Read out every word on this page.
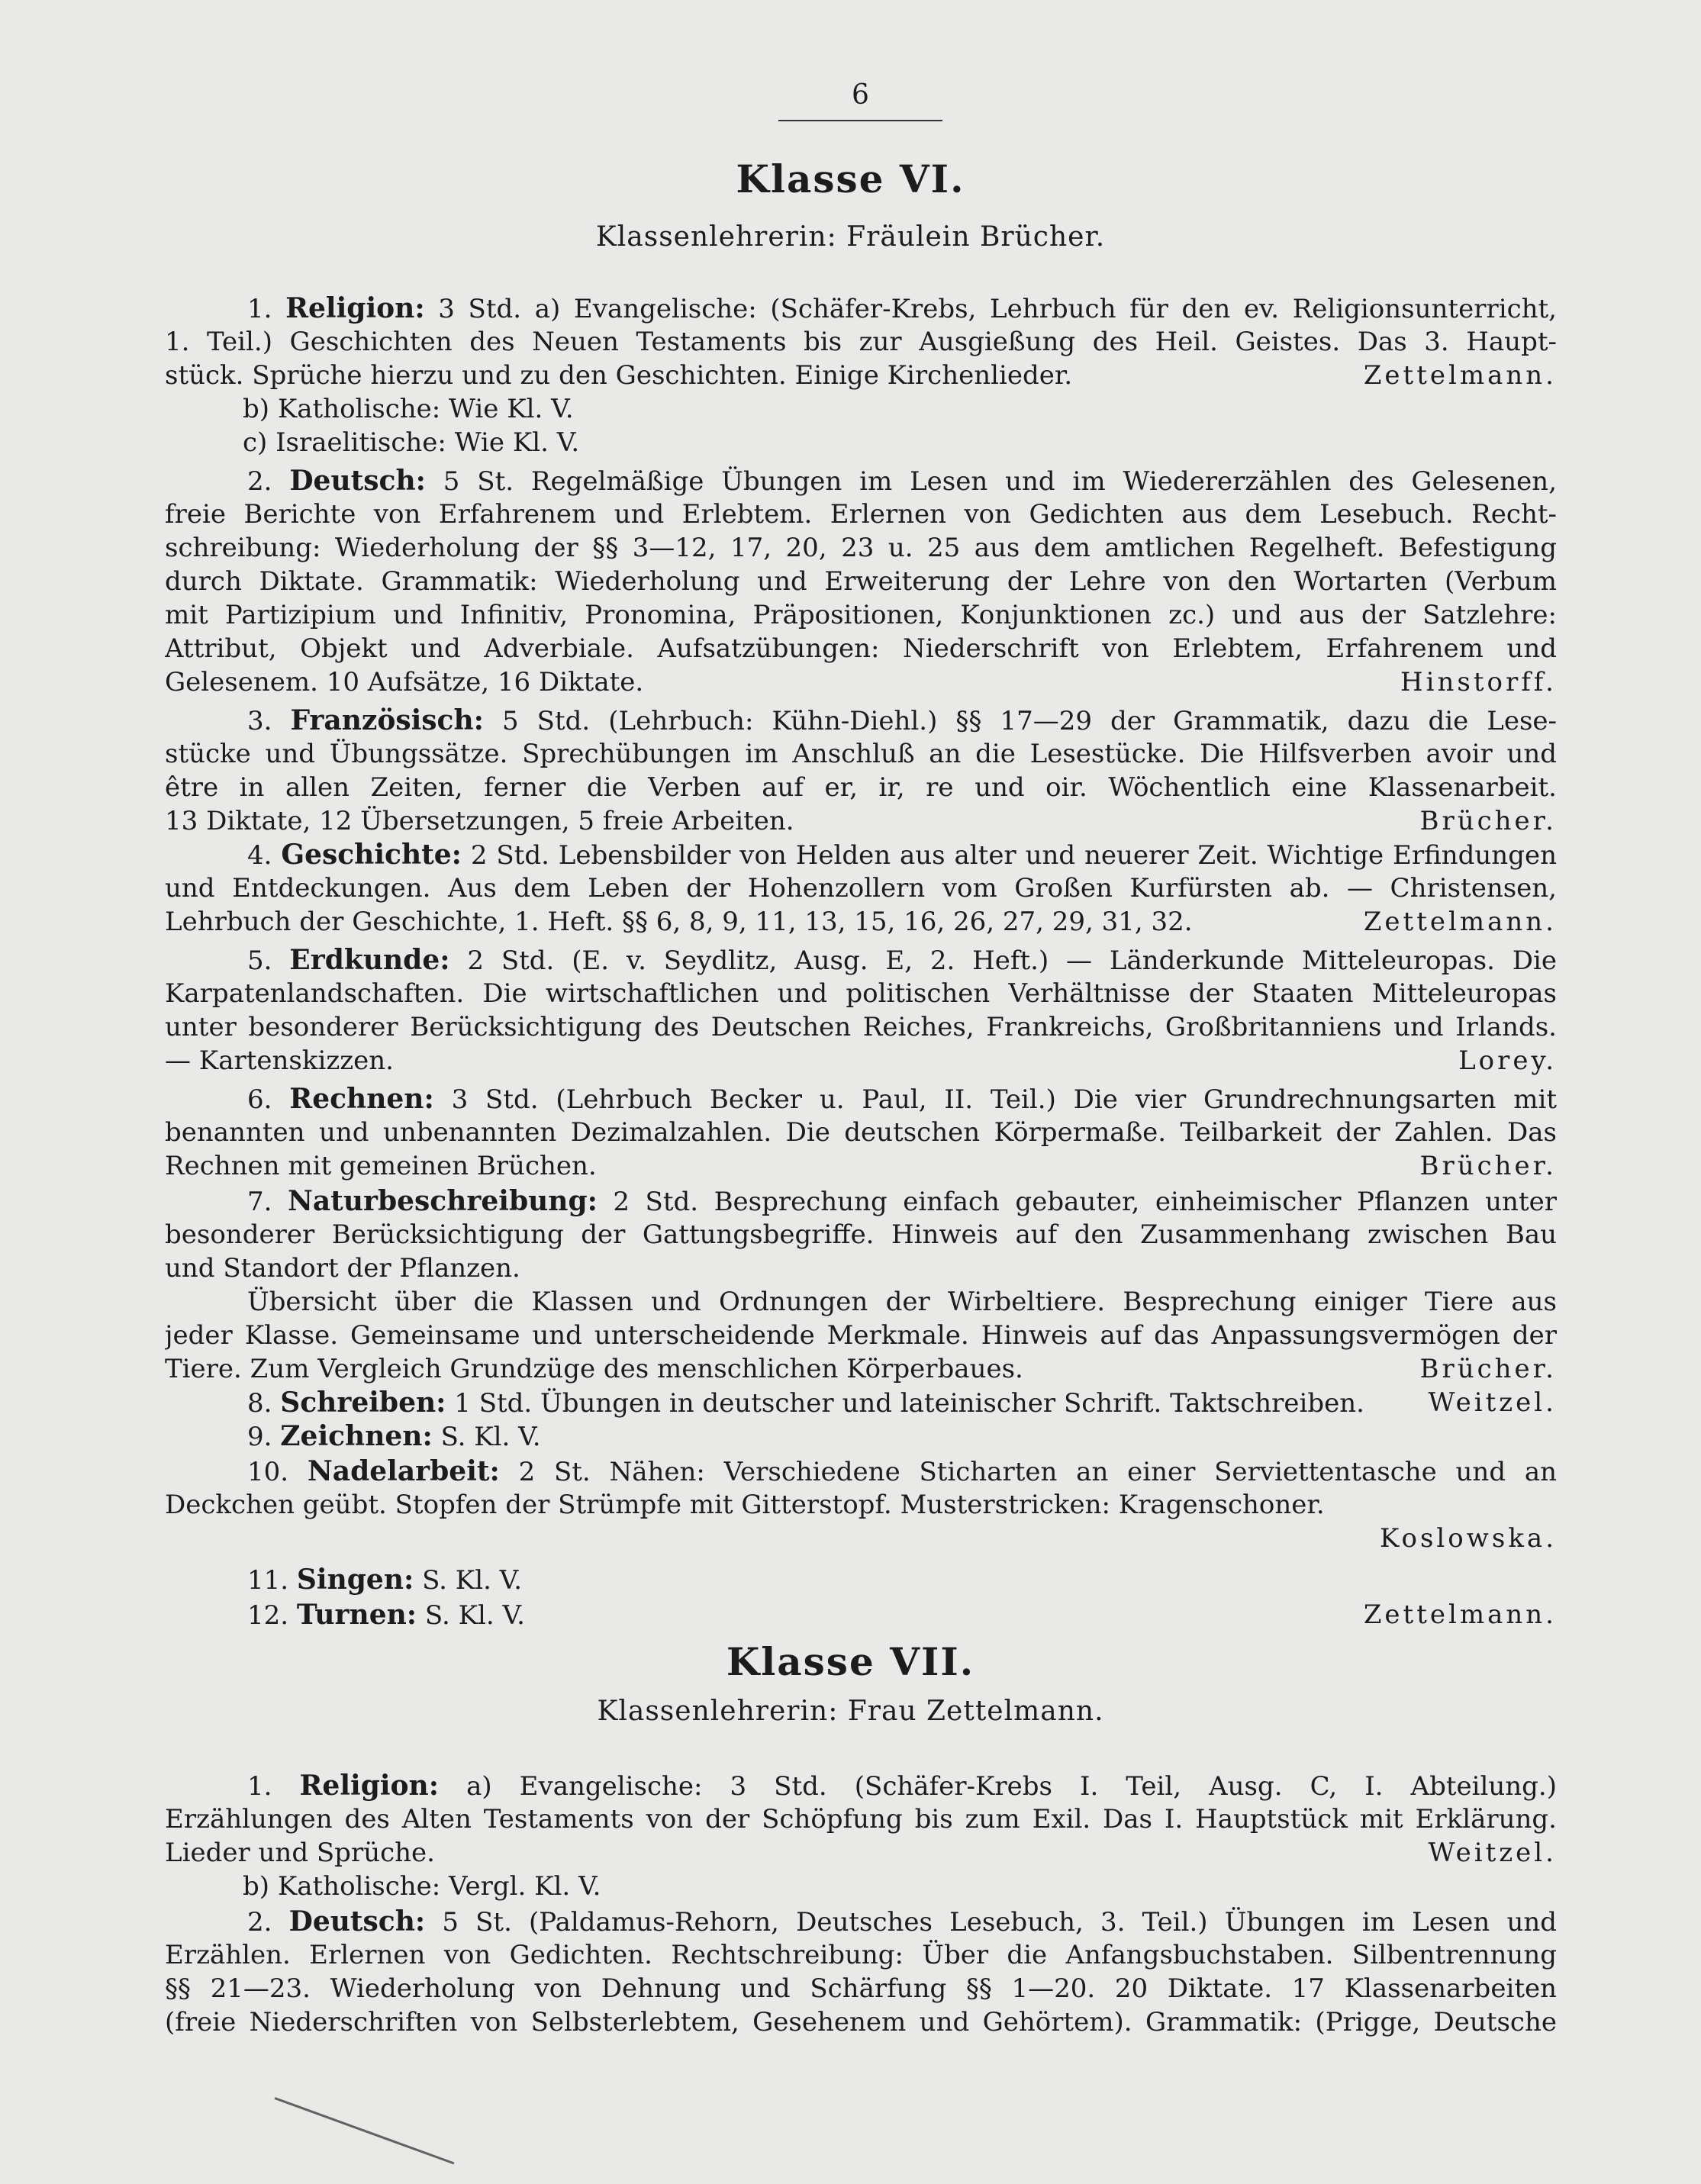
6
Klasse VI.
Klassenlehrerin: Fräulein Brücher.
1. Religion: 3 Std. a) Evangelische: (Schäfer-Krebs, Lehrbuch für den ev. Religionsunterricht,
1. Teil.) Geschichten des Neuen Testaments bis zur Ausgießung des Heil. Geistes. Das 3. Haupt-
stück. Sprüche hierzu und zu den Geschichten. Einige Kirchenlieder.	Zettelmann.
b) Katholische: Wie Kl. V.
c) Israelitische: Wie Kl. V.
2. Deutsch: 5 St. Regelmäßige Übungen im Lesen und im Wiedererzählen des Gelesenen,
freie Berichte von Erfahrenem und Erlebtem. Erlernen von Gedichten aus dem Lesebuch. Recht-
schreibung: Wiederholung der §§ 3—12, 17, 20, 23 u. 25 aus dem amtlichen Regelheft. Befestigung
durch Diktate. Grammatik: Wiederholung und Erweiterung der Lehre von den Wortarten (Verbum
mit Partizipium und Infinitiv, Pronomina, Präpositionen, Konjunktionen zc.) und aus der Satzlehre:
Attribut, Objekt und Adverbiale. Aufsatzübungen: Niederschrift von Erlebtem, Erfahrenem und
Gelesenem. 10 Aufsätze, 16 Diktate.	Hinstorff.
3. Französisch: 5 Std. (Lehrbuch: Kühn-Diehl.) §§ 17—29 der Grammatik, dazu die Lese-
stücke und Übungssätze. Sprechübungen im Anschluß an die Lesestücke. Die Hilfsverben avoir und
être in allen Zeiten, ferner die Verben auf er, ir, re und oir. Wöchentlich eine Klassenarbeit.
13 Diktate, 12 Übersetzungen, 5 freie Arbeiten.	Brücher.
4. Geschichte: 2 Std. Lebensbilder von Helden aus alter und neuerer Zeit. Wichtige Erfindungen
und Entdeckungen. Aus dem Leben der Hohenzollern vom Großen Kurfürsten ab. — Christensen,
Lehrbuch der Geschichte, 1. Heft. §§ 6, 8, 9, 11, 13, 15, 16, 26, 27, 29, 31, 32.	Zettelmann.
5. Erdkunde: 2 Std. (E. v. Seydlitz, Ausg. E, 2. Heft.) — Länderkunde Mitteleuropas. Die
Karpatenlandschaften. Die wirtschaftlichen und politischen Verhältnisse der Staaten Mitteleuropas
unter besonderer Berücksichtigung des Deutschen Reiches, Frankreichs, Großbritanniens und Irlands.
— Kartenskizzen.	Lorey.
6. Rechnen: 3 Std. (Lehrbuch Becker u. Paul, II. Teil.) Die vier Grundrechnungsarten mit
benannten und unbenannten Dezimalzahlen. Die deutschen Körpermaße. Teilbarkeit der Zahlen. Das
Rechnen mit gemeinen Brüchen.	Brücher.
7. Naturbeschreibung: 2 Std. Besprechung einfach gebauter, einheimischer Pflanzen unter
besonderer Berücksichtigung der Gattungsbegriffe. Hinweis auf den Zusammenhang zwischen Bau
und Standort der Pflanzen.
Übersicht über die Klassen und Ordnungen der Wirbeltiere. Besprechung einiger Tiere aus
jeder Klasse. Gemeinsame und unterscheidende Merkmale. Hinweis auf das Anpassungsvermögen der
Tiere. Zum Vergleich Grundzüge des menschlichen Körperbaues.	Brücher.
8. Schreiben: 1 Std. Übungen in deutscher und lateinischer Schrift. Taktschreiben. Weitzel.
9. Zeichnen: S. Kl. V.
10. Nadelarbeit: 2 St. Nähen: Verschiedene Sticharten an einer Serviettentasche und an
Deckchen geübt. Stopfen der Strümpfe mit Gitterstopf. Musterstricken: Kragenschoner.
Koslowska.
11. Singen: S. Kl. V.
12. Turnen: S. Kl. V.	Zettelmann.
Klasse VII.
Klassenlehrerin: Frau Zettelmann.
1. Religion: a) Evangelische: 3 Std. (Schäfer-Krebs I. Teil, Ausg. C, I. Abteilung.)
Erzählungen des Alten Testaments von der Schöpfung bis zum Exil. Das I. Hauptstück mit Erklärung.
Lieder und Sprüche.	Weitzel.
b) Katholische: Vergl. Kl. V.
2. Deutsch: 5 St. (Paldamus-Rehorn, Deutsches Lesebuch, 3. Teil.) Übungen im Lesen und
Erzählen. Erlernen von Gedichten. Rechtschreibung: Über die Anfangsbuchstaben. Silbentrennung
§§ 21—23. Wiederholung von Dehnung und Schärfung §§ 1—20. 20 Diktate. 17 Klassenarbeiten
(freie Niederschriften von Selbsterlebtem, Gesehenem und Gehörtem). Grammatik: (Prigge, Deutsche
